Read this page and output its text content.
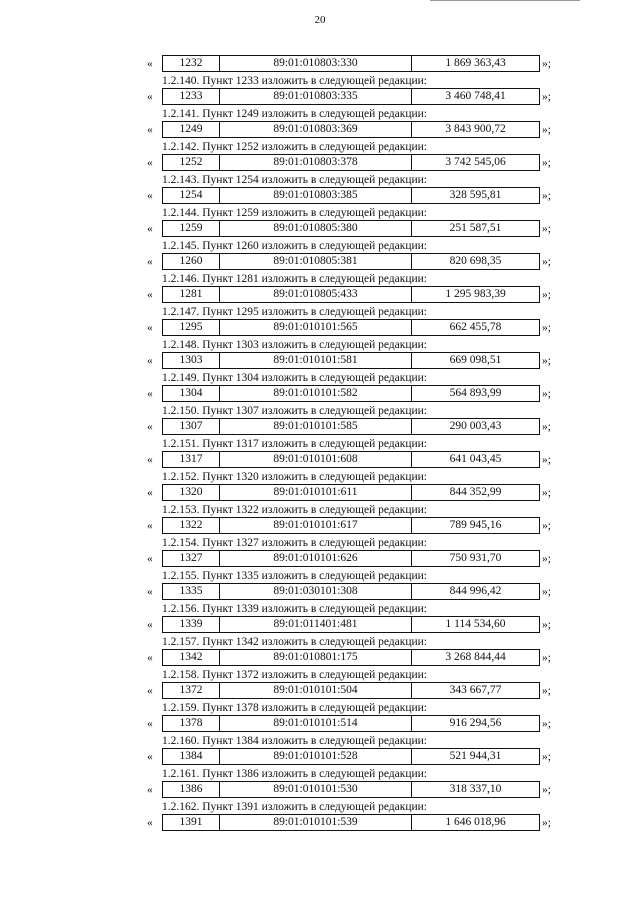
20
«	1232	89:01:010803:330	1 869 363,43	»;
1.2.140. Пункт 1233 изложить в следующей редакции:
«	1233	89:01:010803:335	3 460 748,41	»;
1.2.141. Пункт 1249 изложить в следующей редакции:
«	1249	89:01:010803:369	3 843 900,72	»;
1.2.142. Пункт 1252 изложить в следующей редакции:
«	1252	89:01:010803:378	3 742 545,06	»;
1.2.143. Пункт 1254 изложить в следующей редакции:
«	1254	89:01:010803:385	328 595,81	»;
1.2.144. Пункт 1259 изложить в следующей редакции:
«	1259	89:01:010805:380	251 587,51	»;
1.2.145. Пункт 1260 изложить в следующей редакции:
«	1260	89:01:010805:381	820 698,35	»;
1.2.146. Пункт 1281 изложить в следующей редакции:
«	1281	89:01:010805:433	1 295 983,39	»;
1.2.147. Пункт 1295 изложить в следующей редакции:
«	1295	89:01:010101:565	662 455,78	»;
1.2.148. Пункт 1303 изложить в следующей редакции:
«	1303	89:01:010101:581	669 098,51	»;
1.2.149. Пункт 1304 изложить в следующей редакции:
«	1304	89:01:010101:582	564 893,99	»;
1.2.150. Пункт 1307 изложить в следующей редакции:
«	1307	89:01:010101:585	290 003,43	»;
1.2.151. Пункт 1317 изложить в следующей редакции:
«	1317	89:01:010101:608	641 043,45	»;
1.2.152. Пункт 1320 изложить в следующей редакции:
«	1320	89:01:010101:611	844 352,99	»;
1.2.153. Пункт 1322 изложить в следующей редакции:
«	1322	89:01:010101:617	789 945,16	»;
1.2.154. Пункт 1327 изложить в следующей редакции:
«	1327	89:01:010101:626	750 931,70	»;
1.2.155. Пункт 1335 изложить в следующей редакции:
«	1335	89:01:030101:308	844 996,42	»;
1.2.156. Пункт 1339 изложить в следующей редакции:
«	1339	89:01:011401:481	1 114 534,60	»;
1.2.157. Пункт 1342 изложить в следующей редакции:
«	1342	89:01:010801:175	3 268 844,44	»;
1.2.158. Пункт 1372 изложить в следующей редакции:
«	1372	89:01:010101:504	343 667,77	»;
1.2.159. Пункт 1378 изложить в следующей редакции:
«	1378	89:01:010101:514	916 294,56	»;
1.2.160. Пункт 1384 изложить в следующей редакции:
«	1384	89:01:010101:528	521 944,31	»;
1.2.161. Пункт 1386 изложить в следующей редакции:
«	1386	89:01:010101:530	318 337,10	»;
1.2.162. Пункт 1391 изложить в следующей редакции:
«	1391	89:01:010101:539	1 646 018,96	»;
